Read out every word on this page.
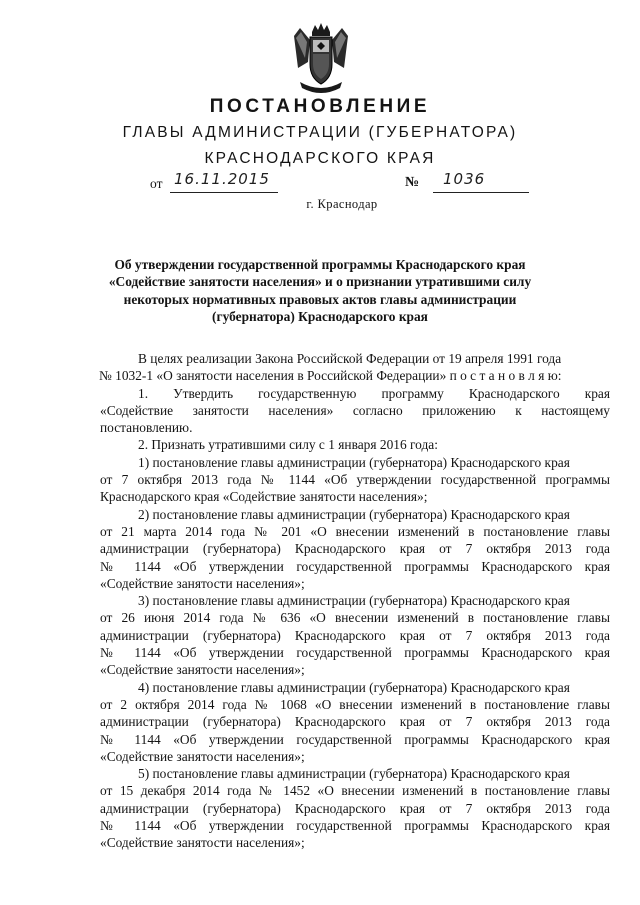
ПОСТАНОВЛЕНИЕ
ГЛАВЫ АДМИНИСТРАЦИИ (ГУБЕРНАТОРА)
КРАСНОДАРСКОГО КРАЯ
от 16.11.2015	№ 1036
г. Краснодар
Об утверждении государственной программы Краснодарского края
«Содействие занятости населения» и о признании утратившими силу
некоторых нормативных правовых актов главы администрации
(губернатора) Краснодарского края
В целях реализации Закона Российской Федерации от 19 апреля 1991 года
№ 1032-1 «О занятости населения в Российской Федерации» п о с т а н о в л я ю:
1. Утвердить государственную программу Краснодарского края
«Содействие занятости населения» согласно приложению к настоящему
постановлению.
2. Признать утратившими силу с 1 января 2016 года:
1) постановление главы администрации (губернатора) Краснодарского края
от 7 октября 2013 года № 1144 «Об утверждении государственной программы
Краснодарского края «Содействие занятости населения»;
2) постановление главы администрации (губернатора) Краснодарского края
от 21 марта 2014 года № 201 «О внесении изменений в постановление главы
администрации (губернатора) Краснодарского края от 7 октября 2013 года
№ 1144 «Об утверждении государственной программы Краснодарского края
«Содействие занятости населения»;
3) постановление главы администрации (губернатора) Краснодарского края
от 26 июня 2014 года № 636 «О внесении изменений в постановление главы
администрации (губернатора) Краснодарского края от 7 октября 2013 года
№ 1144 «Об утверждении государственной программы Краснодарского края
«Содействие занятости населения»;
4) постановление главы администрации (губернатора) Краснодарского края
от 2 октября 2014 года № 1068 «О внесении изменений в постановление главы
администрации (губернатора) Краснодарского края от 7 октября 2013 года
№ 1144 «Об утверждении государственной программы Краснодарского края
«Содействие занятости населения»;
5) постановление главы администрации (губернатора) Краснодарского края
от 15 декабря 2014 года № 1452 «О внесении изменений в постановление главы
администрации (губернатора) Краснодарского края от 7 октября 2013 года
№ 1144 «Об утверждении государственной программы Краснодарского края
«Содействие занятости населения»;
